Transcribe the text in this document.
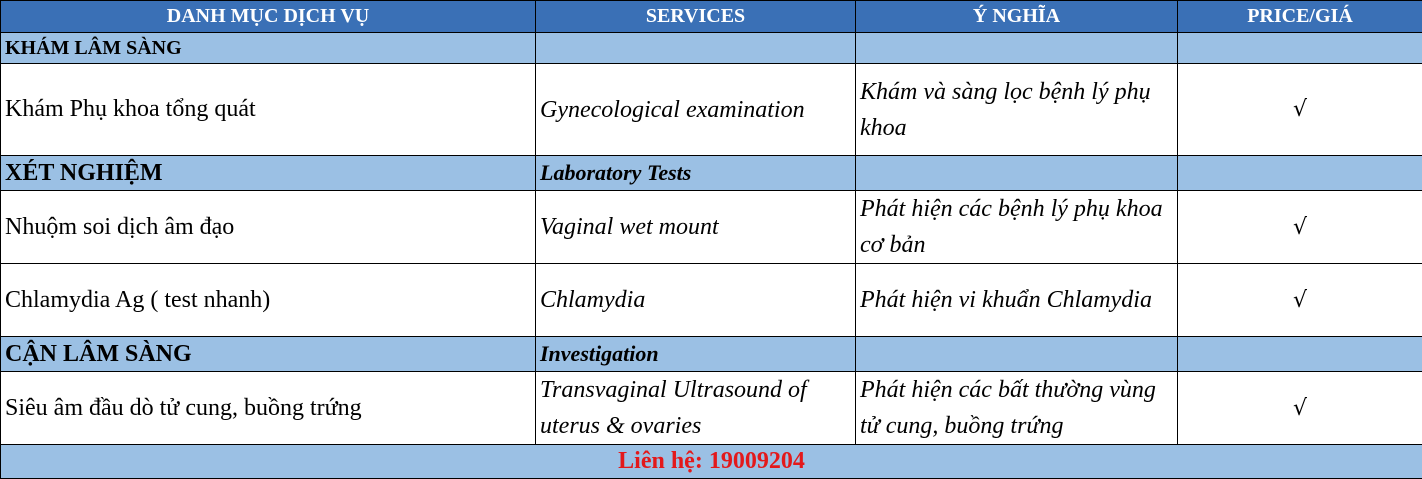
DANH MỤC DỊCH VỤ	SERVICES	Ý NGHĨA	PRICE/GIÁ
KHÁM LÂM SÀNG			
Khám Phụ khoa tổng quát	Gynecological examination	Khám và sàng lọc bệnh lý phụ khoa	√
XÉT NGHIỆM	Laboratory Tests		
Nhuộm soi dịch âm đạo	Vaginal wet mount	Phát hiện các bệnh lý phụ khoa cơ bản	√
Chlamydia Ag ( test nhanh)	Chlamydia	Phát hiện vi khuẩn Chlamydia	√
CẬN LÂM SÀNG	Investigation		
Siêu âm đầu dò tử cung, buồng trứng	Transvaginal Ultrasound of uterus & ovaries	Phát hiện các bất thường vùng tử cung, buồng trứng	√
Liên hệ: 19009204			
